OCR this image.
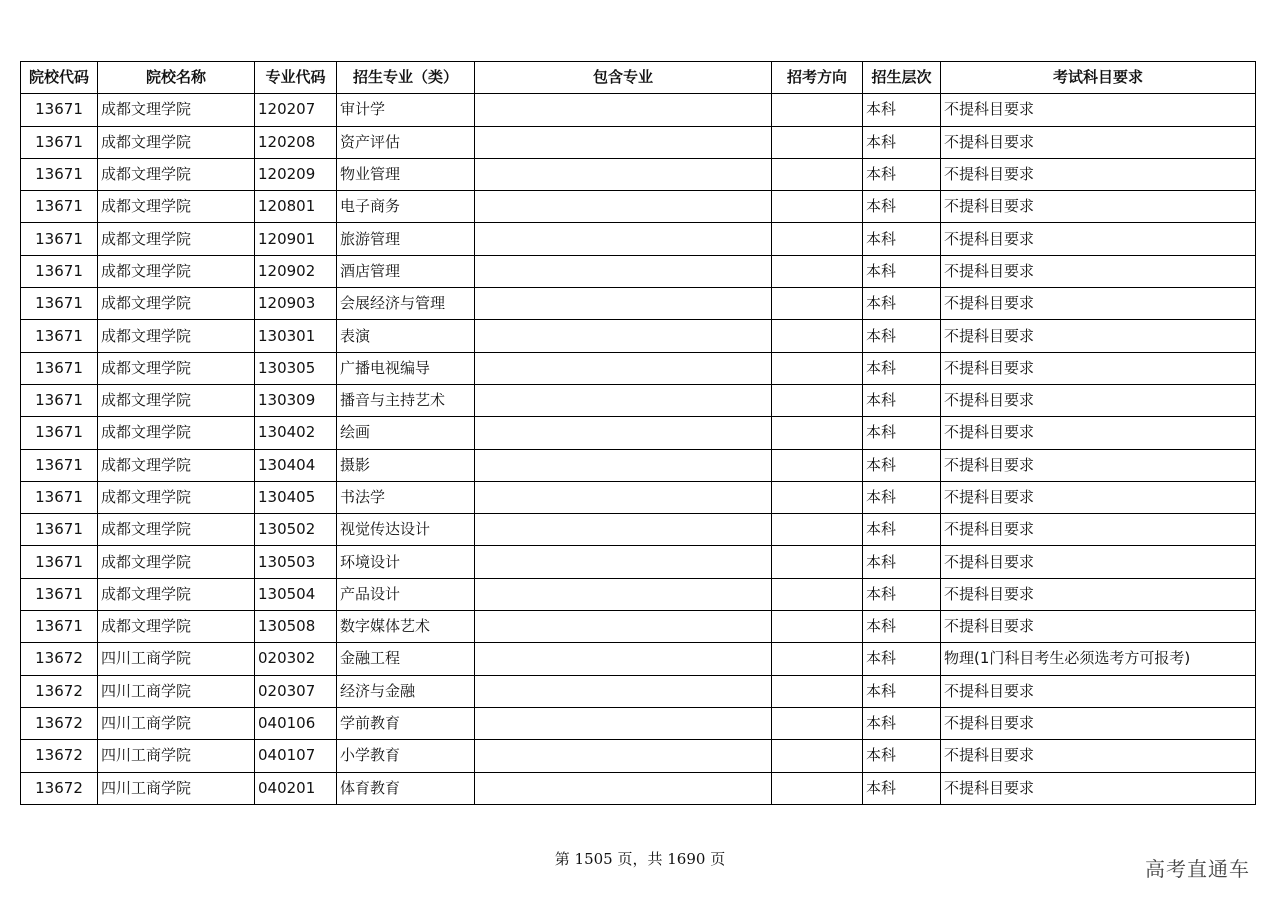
院校代码	院校名称	专业代码	招生专业（类）	包含专业	招考方向	招生层次	考试科目要求
13671	成都文理学院	120207	审计学			本科	不提科目要求
13671	成都文理学院	120208	资产评估			本科	不提科目要求
13671	成都文理学院	120209	物业管理			本科	不提科目要求
13671	成都文理学院	120801	电子商务			本科	不提科目要求
13671	成都文理学院	120901	旅游管理			本科	不提科目要求
13671	成都文理学院	120902	酒店管理			本科	不提科目要求
13671	成都文理学院	120903	会展经济与管理			本科	不提科目要求
13671	成都文理学院	130301	表演			本科	不提科目要求
13671	成都文理学院	130305	广播电视编导			本科	不提科目要求
13671	成都文理学院	130309	播音与主持艺术			本科	不提科目要求
13671	成都文理学院	130402	绘画			本科	不提科目要求
13671	成都文理学院	130404	摄影			本科	不提科目要求
13671	成都文理学院	130405	书法学			本科	不提科目要求
13671	成都文理学院	130502	视觉传达设计			本科	不提科目要求
13671	成都文理学院	130503	环境设计			本科	不提科目要求
13671	成都文理学院	130504	产品设计			本科	不提科目要求
13671	成都文理学院	130508	数字媒体艺术			本科	不提科目要求
13672	四川工商学院	020302	金融工程			本科	物理(1门科目考生必须选考方可报考)
13672	四川工商学院	020307	经济与金融			本科	不提科目要求
13672	四川工商学院	040106	学前教育			本科	不提科目要求
13672	四川工商学院	040107	小学教育			本科	不提科目要求
13672	四川工商学院	040201	体育教育			本科	不提科目要求
第 1505 页，共 1690 页	高考直通车
